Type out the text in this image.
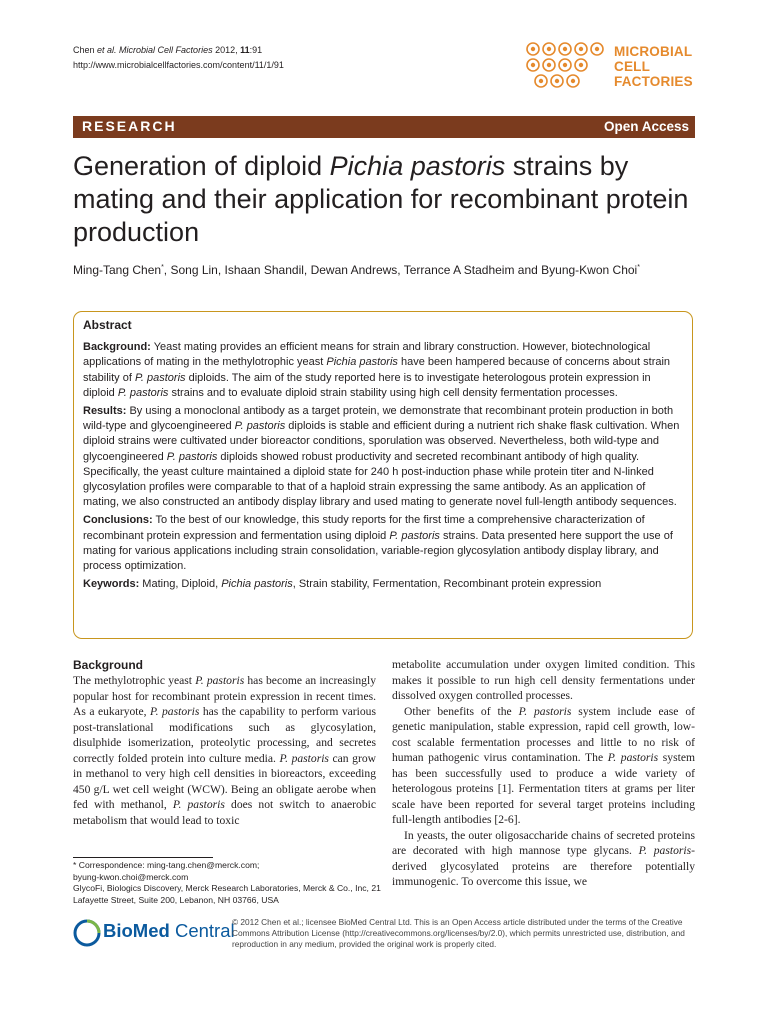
Chen et al. Microbial Cell Factories 2012, 11:91
http://www.microbialcellfactories.com/content/11/1/91
MICROBIAL CELL
FACTORIES
RESEARCH	Open Access
Generation of diploid Pichia pastoris strains by mating and their application for recombinant protein production
Ming-Tang Chen*, Song Lin, Ishaan Shandil, Dewan Andrews, Terrance A Stadheim and Byung-Kwon Choi*
Abstract

Background: Yeast mating provides an efficient means for strain and library construction. However, biotechnological applications of mating in the methylotrophic yeast Pichia pastoris have been hampered because of concerns about strain stability of P. pastoris diploids. The aim of the study reported here is to investigate heterologous protein expression in diploid P. pastoris strains and to evaluate diploid strain stability using high cell density fermentation processes.

Results: By using a monoclonal antibody as a target protein, we demonstrate that recombinant protein production in both wild-type and glycoengineered P. pastoris diploids is stable and efficient during a nutrient rich shake flask cultivation. When diploid strains were cultivated under bioreactor conditions, sporulation was observed. Nevertheless, both wild-type and glycoengineered P. pastoris diploids showed robust productivity and secreted recombinant antibody of high quality. Specifically, the yeast culture maintained a diploid state for 240 h post-induction phase while protein titer and N-linked glycosylation profiles were comparable to that of a haploid strain expressing the same antibody. As an application of mating, we also constructed an antibody display library and used mating to generate novel full-length antibody sequences.

Conclusions: To the best of our knowledge, this study reports for the first time a comprehensive characterization of recombinant protein expression and fermentation using diploid P. pastoris strains. Data presented here support the use of mating for various applications including strain consolidation, variable-region glycosylation antibody display library, and process optimization.

Keywords: Mating, Diploid, Pichia pastoris, Strain stability, Fermentation, Recombinant protein expression

Background

The methylotrophic yeast P. pastoris has become an increasingly popular host for recombinant protein expression in recent times. As a eukaryote, P. pastoris has the capability to perform various post-translational modifications such as glycosylation, disulphide isomerization, proteolytic processing, and secretes correctly folded protein into culture media. P. pastoris can grow in methanol to very high cell densities in bioreactors, exceeding 450 g/L wet cell weight (WCW). Being an obligate aerobe when fed with methanol, P. pastoris does not switch to anaerobic metabolism that would lead to toxic

metabolite accumulation under oxygen limited condition. This makes it possible to run high cell density fermentations under dissolved oxygen controlled processes.

Other benefits of the P. pastoris system include ease of genetic manipulation, stable expression, rapid cell growth, low-cost scalable fermentation processes and little to no risk of human pathogenic virus contamination. The P. pastoris system has been successfully used to produce a wide variety of heterologous proteins [1]. Fermentation titers at grams per liter scale have been reported for several target proteins including full-length antibodies [2-6].

In yeasts, the outer oligosaccharide chains of secreted proteins are decorated with high mannose type glycans. P. pastoris-derived glycosylated proteins are therefore potentially immunogenic. To overcome this issue, we

* Correspondence: ming-tang.chen@merck.com;
byung-kwon.choi@merck.com
GlycoFi, Biologics Discovery, Merck Research Laboratories, Merck & Co., Inc, 21 Lafayette Street, Suite 200, Lebanon, NH 03766, USA
BioMed Central
© 2012 Chen et al.; licensee BioMed Central Ltd. This is an Open Access article distributed under the terms of the Creative Commons Attribution License (http://creativecommons.org/licenses/by/2.0), which permits unrestricted use, distribution, and reproduction in any medium, provided the original work is properly cited.
